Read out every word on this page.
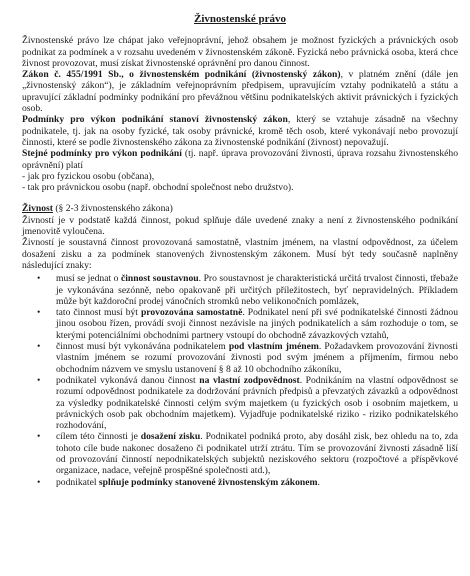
Živnostenské právo

Živnostenské právo lze chápat jako veřejnoprávní, jehož obsahem je možnost fyzických a právnických osob podnikat za podmínek a v rozsahu uvedeném v živnostenském zákoně. Fyzická nebo právnická osoba, která chce živnost provozovat, musí získat živnostenské oprávnění pro danou činnost.

Zákon č. 455/1991 Sb., o živnostenském podnikání (živnostenský zákon), v platném znění (dále jen „živnostenský zákon“), je základním veřejnoprávním předpisem, upravujícím vztahy podnikatelů a státu a upravující základní podmínky podnikání pro převážnou většinu podnikatelských aktivit právnických i fyzických osob.

Podmínky pro výkon podnikání stanoví živnostenský zákon, který se vztahuje zásadně na všechny podnikatele, tj. jak na osoby fyzické, tak osoby právnické, kromě těch osob, které vykonávají nebo provozují činnosti, které se podle živnostenského zákona za živnostenské podnikání (živnost) nepovažují.

Stejné podmínky pro výkon podnikání (tj. např. úprava provozování živnosti, úprava rozsahu živnostenského oprávnění) platí

- jak pro fyzickou osobu (občana),

- tak pro právnickou osobu (např. obchodní společnost nebo družstvo).

Živnost (§ 2-3 živnostenského zákona)

Živností je v podstatě každá činnost, pokud splňuje dále uvedené znaky a není z živnostenského podnikání jmenovitě vyloučena.

Živností je soustavná činnost provozovaná samostatně, vlastním jménem, na vlastní odpovědnost, za účelem dosažení zisku a za podmínek stanovených živnostenským zákonem. Musí být tedy současně naplněny následující znaky:

• musí se jednat o činnost soustavnou. Pro soustavnost je charakteristická určitá trvalost činnosti, třebaže je vykonávána sezónně, nebo opakovaně při určitých příležitostech, byť nepravidelných. Příkladem může být každoroční prodej vánočních stromků nebo velikonočních pomlázek,
• tato činnost musí být provozována samostatně. Podnikatel není při své podnikatelské činnosti žádnou jinou osobou řízen, provádí svoji činnost nezávisle na jiných podnikatelích a sám rozhoduje o tom, se kterými potenciálními obchodními partnery vstoupí do obchodně závazkových vztahů,
• činnost musí být vykonávána podnikatelem pod vlastním jménem. Požadavkem provozování živnosti vlastním jménem se rozumí provozování živnosti pod svým jménem a příjmením, firmou nebo obchodním názvem ve smyslu ustanovení § 8 až 10 obchodního zákoníku,
• podnikatel vykonává danou činnost na vlastní zodpovědnost. Podnikáním na vlastní odpovědnost se rozumí odpovědnost podnikatele za dodržování právních předpisů a převzatých závazků a odpovědnost za výsledky podnikatelské činnosti celým svým majetkem (u fyzických osob i osobním majetkem, u právnických osob pak obchodním majetkem). Vyjadřuje podnikatelské riziko - riziko podnikatelského rozhodování,
• cílem této činnosti je dosažení zisku. Podnikatel podniká proto, aby dosáhl zisk, bez ohledu na to, zda tohoto cíle bude nakonec dosaženo či podnikatel utrží ztrátu. Tím se provozování živnosti zásadně liší od provozování činností nepodnikatelských subjektů neziskového sektoru (rozpočtové a příspěvkové organizace, nadace, veřejně prospěšné společnosti atd.),
• podnikatel splňuje podmínky stanovené živnostenským zákonem.
